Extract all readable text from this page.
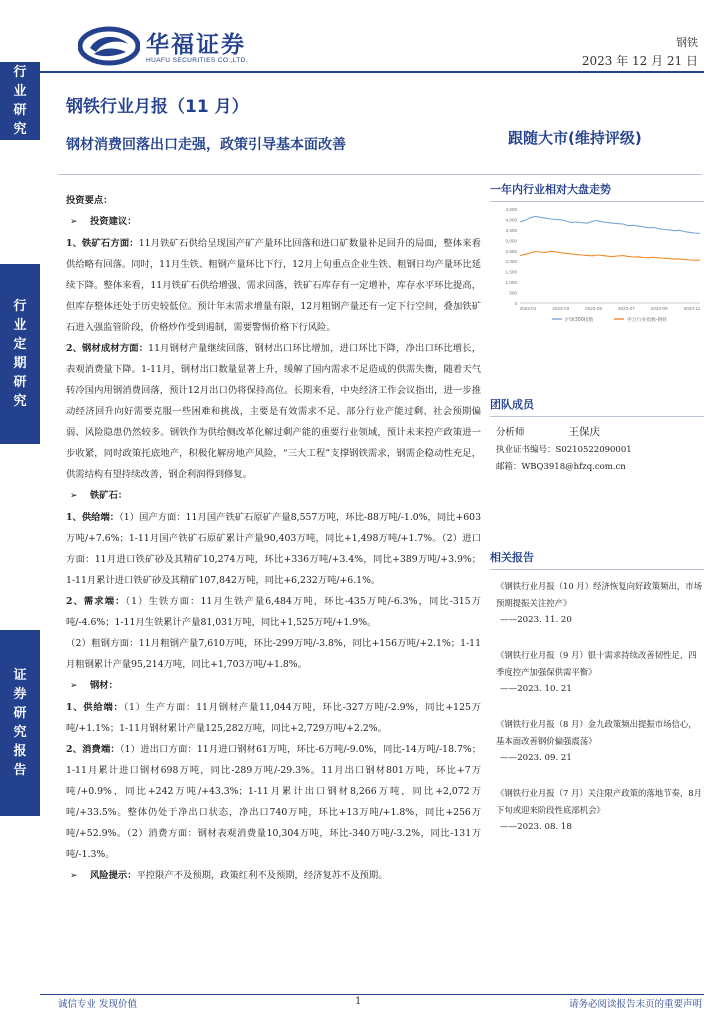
行
业
研
究
行
业
定
期
研
究
证
券
研
究
报
告
华福证券
HUAFU SECURITIES CO.,LTD.
钢铁
2023 年 12 月 21 日
钢铁行业月报（11 月）
钢材消费回落出口走强，政策引导基本面改善	跟随大市(维持评级)

投资要点：

➢ 投资建议：

1、铁矿石方面：11月铁矿石供给呈现国产矿产量环比回落和进口矿数量补足回升的局面，整体来看供给略有回落。同时，11月生铁、粗钢产量环比下行，12月上旬重点企业生铁、粗钢日均产量环比延续下降。整体来看，11月铁矿石供给增强、需求回落，铁矿石库存有一定增补，库存水平环比提高，但库存整体还处于历史较低位。预计年末需求增量有限，12月粗钢产量还有一定下行空间，叠加铁矿石进入强监管阶段，价格炒作受到遏制，需要警惕价格下行风险。

2、钢材成材方面：11月钢材产量继续回落，钢材出口环比增加，进口环比下降，净出口环比增长，表观消费量下降。1-11月，钢材出口数量显著上升，缓解了国内需求不足造成的供需失衡，随着天气转冷国内用钢消费回落，预计12月出口仍将保持高位。长期来看，中央经济工作会议指出，进一步推动经济回升向好需要克服一些困难和挑战，主要是有效需求不足、部分行业产能过剩、社会预期偏弱、风险隐患仍然较多。钢铁作为供给侧改革化解过剩产能的重要行业领域，预计未来控产政策进一步收紧，同时政策托底地产，积极化解房地产风险，“三大工程”支撑钢铁需求，钢需企稳动性充足，供需结构有望持续改善，钢企利润得到修复。

➢ 铁矿石：

1、供给端：（1）国产方面：11月国产铁矿石原矿产量8,557万吨，环比-88万吨/-1.0%，同比+603万吨/+7.6%；1-11月国产铁矿石原矿累计产量90,403万吨，同比+1,498万吨/+1.7%。（2）进口方面：11月进口铁矿砂及其精矿10,274万吨，环比+336万吨/+3.4%，同比+389万吨/+3.9%；1-11月累计进口铁矿砂及其精矿107,842万吨，同比+6,232万吨/+6.1%。

2、需求端：（1）生铁方面：11月生铁产量6,484万吨，环比-435万吨/-6.3%，同比-315万吨/-4.6%；1-11月生铁累计产量81,031万吨，同比+1,525万吨/+1.9%。

（2）粗钢方面：11月粗钢产量7,610万吨，环比-299万吨/-3.8%，同比+156万吨/+2.1%；1-11月粗钢累计产量95,214万吨，同比+1,703万吨/+1.8%。

➢ 钢材：

1、供给端：（1）生产方面：11月钢材产量11,044万吨，环比-327万吨/-2.9%，同比+125万吨/+1.1%；1-11月钢材累计产量125,282万吨，同比+2,729万吨/+2.2%。

2、消费端：（1）进出口方面：11月进口钢材61万吨，环比-6万吨/-9.0%，同比-14万吨/-18.7%；1-11月累计进口钢材698万吨，同比-289万吨/-29.3%。11月出口钢材801万吨，环比+7万吨/+0.9%，同比+242万吨/+43.3%；1-11月累计出口钢材8,266万吨，同比+2,072万吨/+33.5%。整体仍处于净出口状态，净出口740万吨，环比+13万吨/+1.8%，同比+256万吨/+52.9%。（2）消费方面：钢材表观消费量10,304万吨，环比-340万吨/-3.2%，同比-131万吨/-1.3%。

➢ 风险提示：平控限产不及预期，政策红利不及预期，经济复苏不及预期。

一年内行业相对大盘走势
0
500
1,000
1,500
2,000
2,500
3,000
3,500
4,000
4,500
2023-01	2023-03	2023-05	2023-07	2023-09	2023-11
沪深300指数	申万行业指数-钢铁
团队成员
分析师	王保庆
执业证书编号：S0210522090001
邮箱：WBQ3918@hfzq.com.cn
相关报告
《钢铁行业月报（10 月）经济恢复向好政策频出，市场预期提振关注控产》
——2023. 11. 20
《钢铁行业月报（9 月）银十需求持续改善韧性足，四季度控产加强保供需平衡》
——2023. 10. 21
《钢铁行业月报（8 月）金九政策频出提振市场信心，基本面改善钢价偏强震荡》
——2023. 09. 21
《钢铁行业月报（7 月）关注限产政策的落地节奏，8月下旬或迎来阶段性底部机会》
——2023. 08. 18
诚信专业 发现价值	1	请务必阅读报告末页的重要声明
